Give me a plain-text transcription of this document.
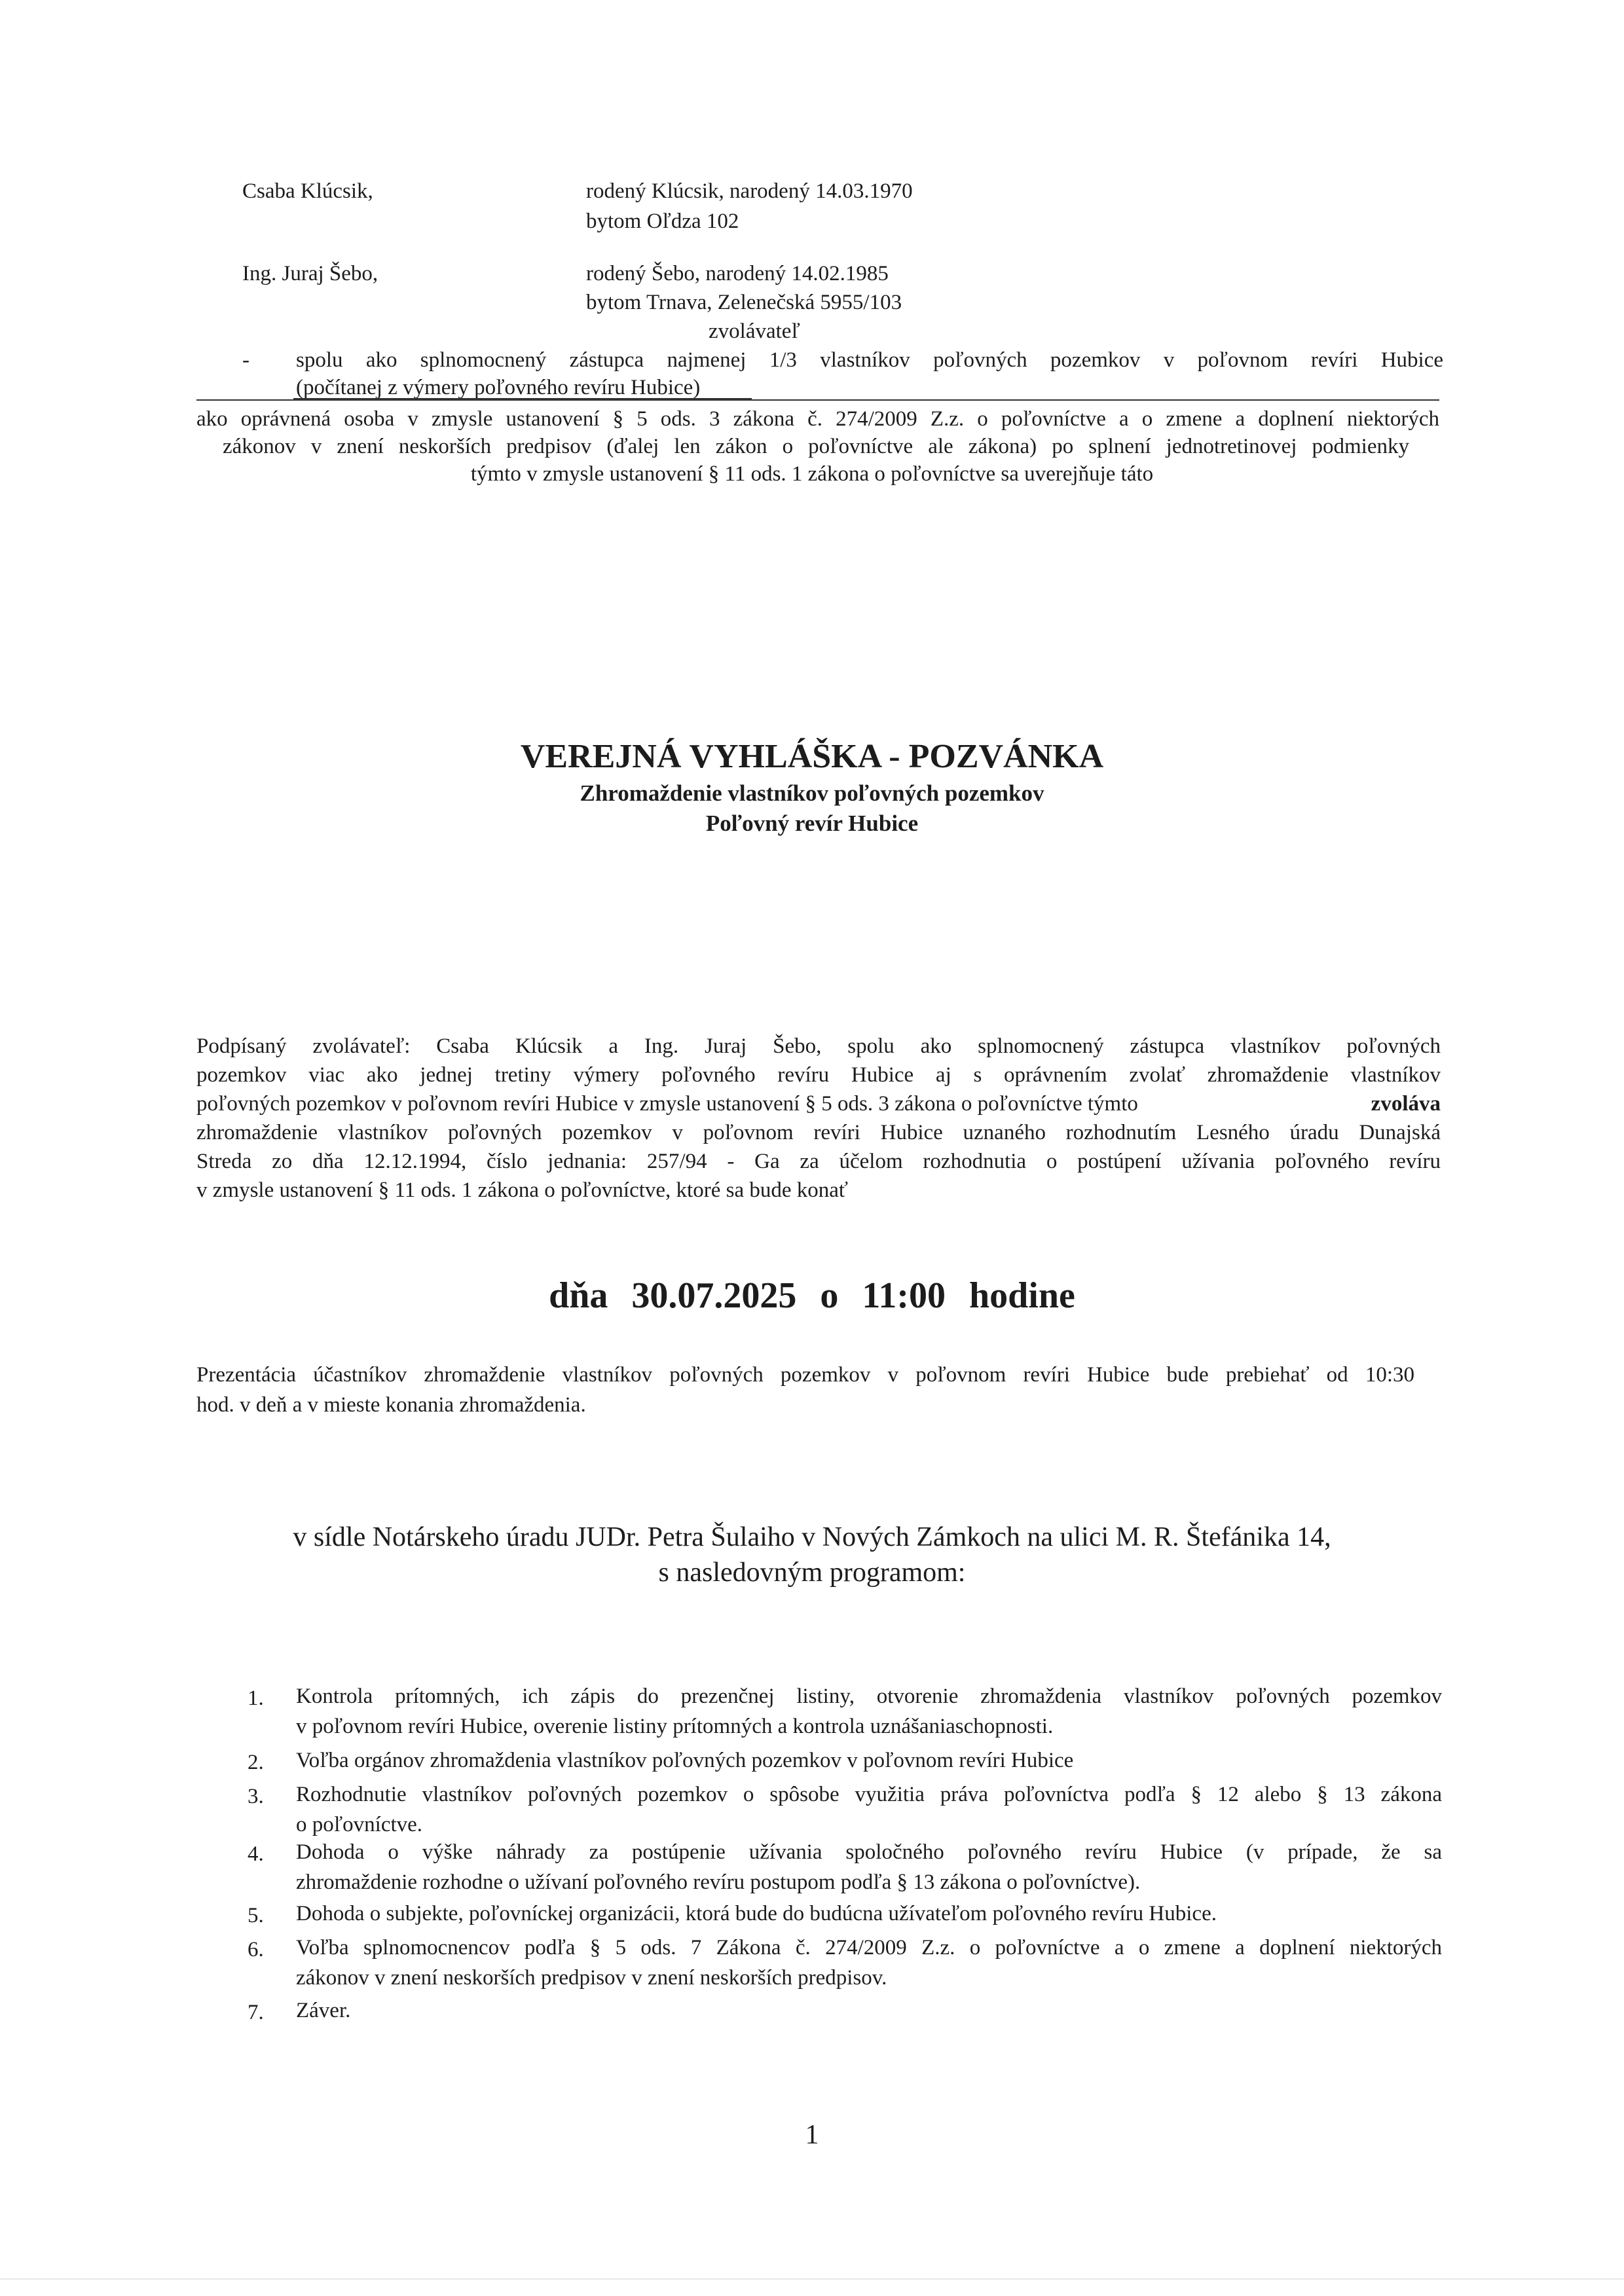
Csaba Klúcsik,	rodený Klúcsik, narodený 14.03.1970
bytom Oľdza 102
Ing. Juraj Šebo,	rodený Šebo, narodený 14.02.1985
bytom Trnava, Zelenečská 5955/103
zvolávateľ
- spolu ako splnomocnený zástupca najmenej 1/3 vlastníkov poľovných pozemkov v poľovnom revíri Hubice
(počítanej z výmery poľovného revíru Hubice)
ako oprávnená osoba v zmysle ustanovení § 5 ods. 3 zákona č. 274/2009 Z.z. o poľovníctve a o zmene a doplnení niektorých
zákonov v znení neskorších predpisov (ďalej len zákon o poľovníctve ale zákona) po splnení jednotretinovej podmienky
týmto v zmysle ustanovení § 11 ods. 1 zákona o poľovníctve sa uverejňuje táto
VEREJNÁ VYHLÁŠKA - POZVÁNKA
Zhromaždenie vlastníkov poľovných pozemkov
Poľovný revír Hubice
Podpísaný zvolávateľ: Csaba Klúcsik a Ing. Juraj Šebo, spolu ako splnomocnený zástupca vlastníkov poľovných
pozemkov viac ako jednej tretiny výmery poľovného revíru Hubice aj s oprávnením zvolať zhromaždenie vlastníkov
poľovných pozemkov v poľovnom revíri Hubice v zmysle ustanovení § 5 ods. 3 zákona o poľovníctve týmto	zvoláva
zhromaždenie vlastníkov poľovných pozemkov v poľovnom revíri Hubice uznaného rozhodnutím Lesného úradu Dunajská
Streda zo dňa 12.12.1994, číslo jednania: 257/94 - Ga za účelom rozhodnutia o postúpení užívania poľovného revíru
v zmysle ustanovení § 11 ods. 1 zákona o poľovníctve, ktoré sa bude konať
dňa 30.07.2025 o 11:00 hodine
Prezentácia účastníkov zhromaždenie vlastníkov poľovných pozemkov v poľovnom revíri Hubice bude prebiehať od 10:30
hod. v deň a v mieste konania zhromaždenia.
v sídle Notárskeho úradu JUDr. Petra Šulaiho v Nových Zámkoch na ulici M. R. Štefánika 14,
s nasledovným programom:
1. Kontrola prítomných, ich zápis do prezenčnej listiny, otvorenie zhromaždenia vlastníkov poľovných pozemkov
v poľovnom revíri Hubice, overenie listiny prítomných a kontrola uznášaniaschopnosti.
2. Voľba orgánov zhromaždenia vlastníkov poľovných pozemkov v poľovnom revíri Hubice
3. Rozhodnutie vlastníkov poľovných pozemkov o spôsobe využitia práva poľovníctva podľa § 12 alebo § 13 zákona
o poľovníctve.
4. Dohoda o výške náhrady za postúpenie užívania spoločného poľovného revíru Hubice (v prípade, že sa
zhromaždenie rozhodne o užívaní poľovného revíru postupom podľa § 13 zákona o poľovníctve).
5. Dohoda o subjekte, poľovníckej organizácii, ktorá bude do budúcna užívateľom poľovného revíru Hubice.
6. Voľba splnomocnencov podľa § 5 ods. 7 Zákona č. 274/2009 Z.z. o poľovníctve a o zmene a doplnení niektorých
zákonov v znení neskorších predpisov v znení neskorších predpisov.
7. Záver.
1
